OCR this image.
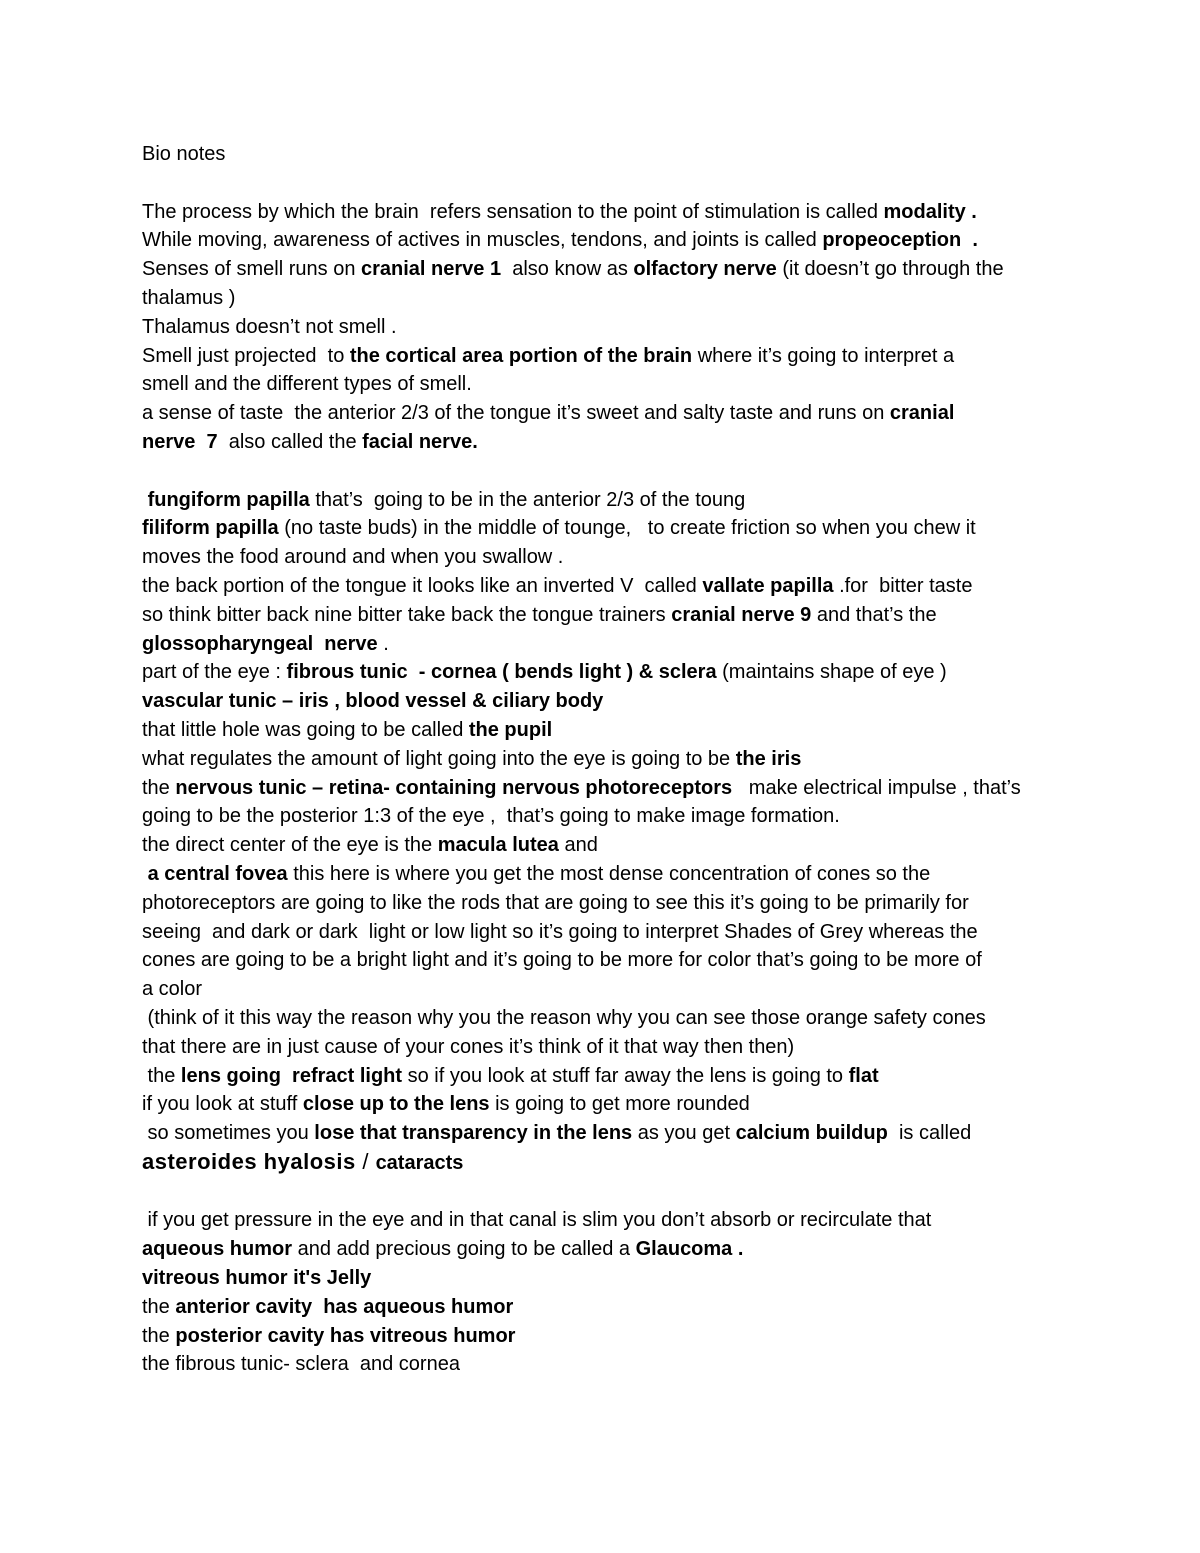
Bio notes
The process by which the brain  refers sensation to the point of stimulation is called modality .
While moving, awareness of actives in muscles, tendons, and joints is called propeoception  .
Senses of smell runs on cranial nerve 1  also know as olfactory nerve (it doesn’t go through the
thalamus )
Thalamus doesn’t not smell .
Smell just projected  to the cortical area portion of the brain where it’s going to interpret a
smell and the different types of smell.
a sense of taste  the anterior 2/3 of the tongue it’s sweet and salty taste and runs on cranial
nerve  7  also called the facial nerve.
fungiform papilla that’s  going to be in the anterior 2/3 of the toung
filiform papilla (no taste buds) in the middle of tounge,   to create friction so when you chew it
moves the food around and when you swallow .
the back portion of the tongue it looks like an inverted V  called vallate papilla .for  bitter taste
so think bitter back nine bitter take back the tongue trainers cranial nerve 9 and that’s the
glossopharyngeal  nerve .
part of the eye : fibrous tunic  - cornea ( bends light ) & sclera (maintains shape of eye )
vascular tunic – iris , blood vessel & ciliary body
that little hole was going to be called the pupil
what regulates the amount of light going into the eye is going to be the iris
the nervous tunic – retina- containing nervous photoreceptors   make electrical impulse , that’s
going to be the posterior 1:3 of the eye ,  that’s going to make image formation.
the direct center of the eye is the macula lutea and
a central fovea this here is where you get the most dense concentration of cones so the
photoreceptors are going to like the rods that are going to see this it’s going to be primarily for
seeing  and dark or dark  light or low light so it’s going to interpret Shades of Grey whereas the
cones are going to be a bright light and it’s going to be more for color that’s going to be more of
a color
(think of it this way the reason why you the reason why you can see those orange safety cones
that there are in just cause of your cones it’s think of it that way then then)
the lens going  refract light so if you look at stuff far away the lens is going to flat
if you look at stuff close up to the lens is going to get more rounded
so sometimes you lose that transparency in the lens as you get calcium buildup  is called
asteroides hyalosis / cataracts
if you get pressure in the eye and in that canal is slim you don’t absorb or recirculate that
aqueous humor and add precious going to be called a Glaucoma .
vitreous humor it's Jelly
the anterior cavity  has aqueous humor
the posterior cavity has vitreous humor
the fibrous tunic- sclera  and cornea
